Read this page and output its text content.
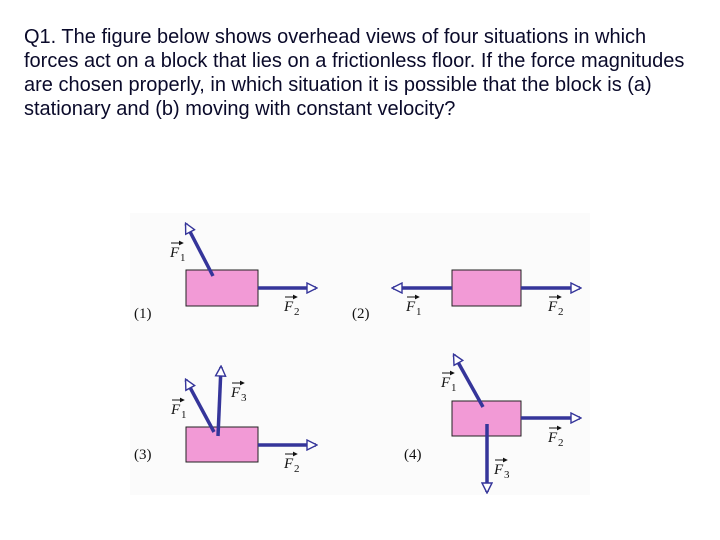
Q1. The figure below shows overhead views of four situations in which forces act on a block that lies on a frictionless floor. If the force magnitudes are chosen properly, in which situation it is possible that the block is (a) stationary and (b) moving with constant velocity?

F 1
F 2
(1)	F 1	F 2
(2)
F 1
F 3
F 2
(3)
F 1
F 2
F 3
(4)
